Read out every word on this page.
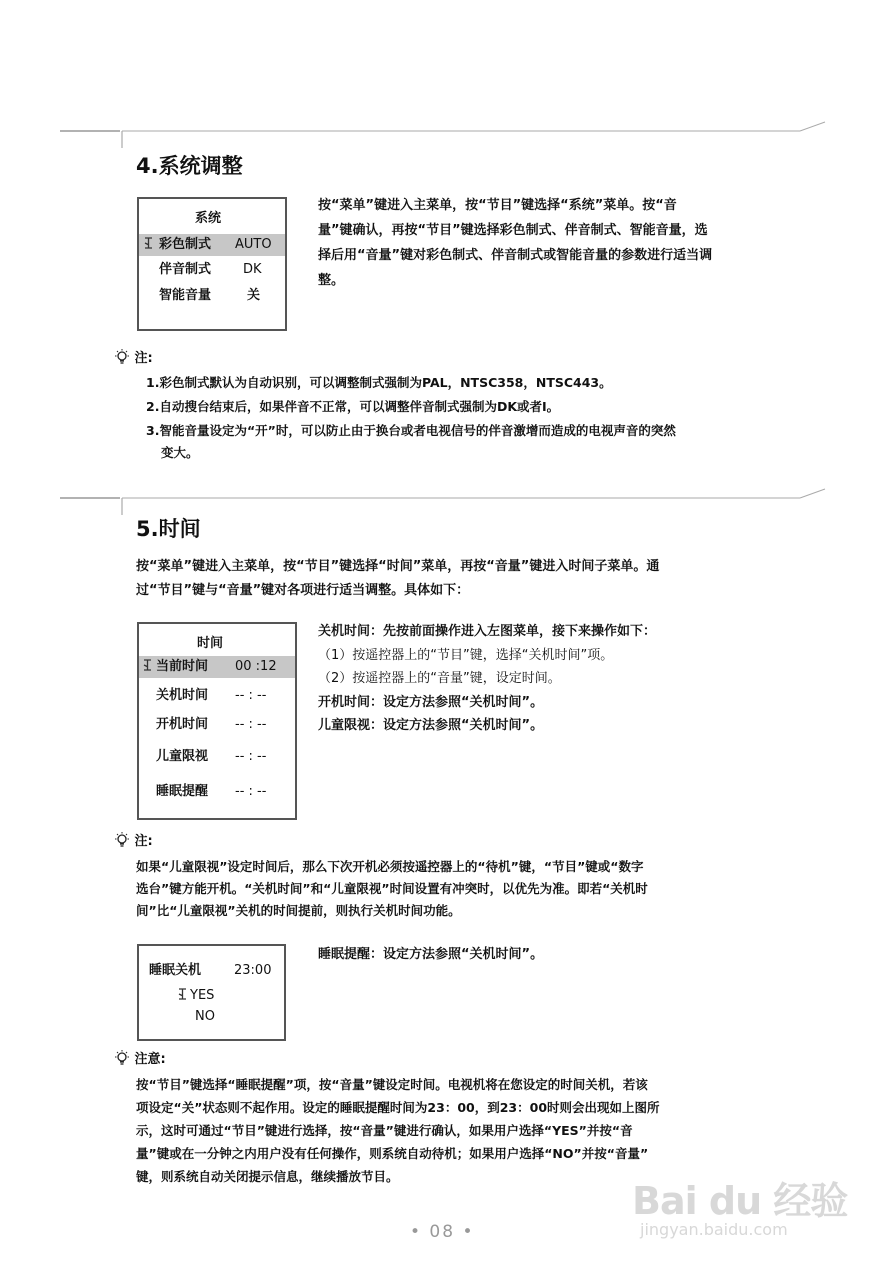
4.系统调整
系统
彩色制式 AUTO
伴音制式 DK
智能音量	关
按“菜单”键进入主菜单，按“节目”键选择“系统”菜单。按“音
量”键确认，再按“节目”键选择彩色制式、伴音制式、智能音量，选
择后用“音量”键对彩色制式、伴音制式或智能音量的参数进行适当调
整。
注:
1.彩色制式默认为自动识别，可以调整制式强制为PAL，NTSC358，NTSC443。
2.自动搜台结束后，如果伴音不正常，可以调整伴音制式强制为DK或者I。
3.智能音量设定为“开”时，可以防止由于换台或者电视信号的伴音激增而造成的电视声音的突然
变大。
5.时间
按“菜单”键进入主菜单，按“节目”键选择“时间”菜单，再按“音量”键进入时间子菜单。通
过“节目”键与“音量”键对各项进行适当调整。具体如下：
时间
当前时间 00 :12
关机时间 -- : --
开机时间 -- : --
儿童限视 -- : --
睡眠提醒 -- : --
关机时间：先按前面操作进入左图菜单，接下来操作如下：
（1）按遥控器上的“节目”键，选择“关机时间”项。
（2）按遥控器上的“音量”键，设定时间。
开机时间：设定方法参照“关机时间”。
儿童限视：设定方法参照“关机时间”。
注:
如果“儿童限视”设定时间后，那么下次开机必须按遥控器上的“待机”键，“节目”键或“数字
选台”键方能开机。“关机时间”和“儿童限视”时间设置有冲突时，以优先为准。即若“关机时
间”比“儿童限视”关机的时间提前，则执行关机时间功能。
睡眠关机	23:00
YES
NO
睡眠提醒：设定方法参照“关机时间”。
注意:
按“节目”键选择“睡眠提醒”项，按“音量”键设定时间。电视机将在您设定的时间关机，若该
项设定“关”状态则不起作用。设定的睡眠提醒时间为23：00，到23：00时则会出现如上图所
示，这时可通过“节目”键进行选择，按“音量”键进行确认，如果用户选择“YES”并按“音
量”键或在一分钟之内用户没有任何操作，则系统自动待机；如果用户选择“NO”并按“音量”
键，则系统自动关闭提示信息，继续播放节目。
• 08 •
Bai du 经验
jingyan.baidu.com
